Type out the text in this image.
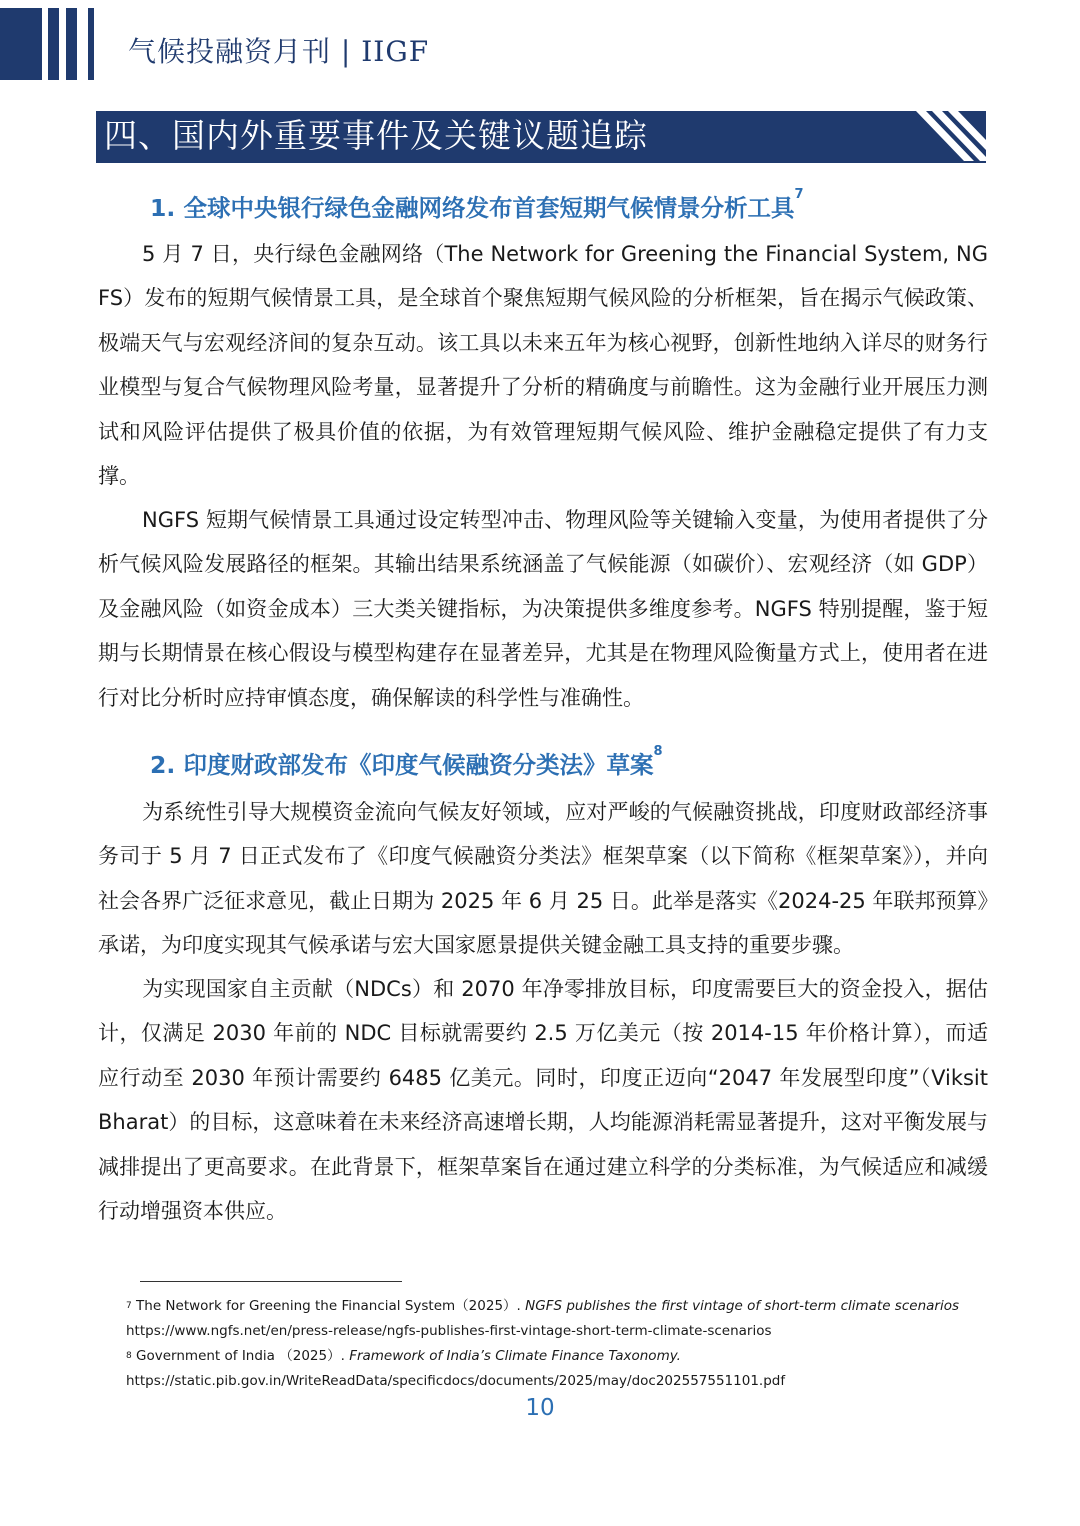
气候投融资月刊 | IIGF
四、国内外重要事件及关键议题追踪
1. 全球中央银行绿色金融网络发布首套短期气候情景分析工具$^7$

5 月 7 日，央行绿色金融网络（The Network for Greening the Financial System, NGFS）发布的短期气候情景工具，是全球首个聚焦短期气候风险的分析框架，旨在揭示气候政策、极端天气与宏观经济间的复杂互动。该工具以未来五年为核心视野，创新性地纳入详尽的财务行业模型与复合气候物理风险考量，显著提升了分析的精确度与前瞻性。这为金融行业开展压力测试和风险评估提供了极具价值的依据，为有效管理短期气候风险、维护金融稳定提供了有力支撑。

NGFS 短期气候情景工具通过设定转型冲击、物理风险等关键输入变量，为使用者提供了分析气候风险发展路径的框架。其输出结果系统涵盖了气候能源（如碳价）、宏观经济（如 GDP）及金融风险（如资金成本）三大类关键指标，为决策提供多维度参考。NGFS 特别提醒，鉴于短期与长期情景在核心假设与模型构建存在显著差异，尤其是在物理风险衡量方式上，使用者在进行对比分析时应持审慎态度，确保解读的科学性与准确性。

2. 印度财政部发布《印度气候融资分类法》草案$^8$

为系统性引导大规模资金流向气候友好领域，应对严峻的气候融资挑战，印度财政部经济事务司于 5 月 7 日正式发布了《印度气候融资分类法》框架草案（以下简称《框架草案》），并向社会各界广泛征求意见，截止日期为 2025 年 6 月 25 日。此举是落实《2024-25 年联邦预算》承诺，为印度实现其气候承诺与宏大国家愿景提供关键金融工具支持的重要步骤。

为实现国家自主贡献（NDCs）和 2070 年净零排放目标，印度需要巨大的资金投入，据估计，仅满足 2030 年前的 NDC 目标就需要约 2.5 万亿美元（按 2014-15 年价格计算），而适应行动至 2030 年预计需要约 6485 亿美元。同时，印度正迈向“2047 年发展型印度”（Viksit Bharat）的目标，这意味着在未来经济高速增长期，人均能源消耗需显著提升，这对平衡发展与减排提出了更高要求。在此背景下，框架草案旨在通过建立科学的分类标准，为气候适应和减缓行动增强资本供应。

$^7$ The Network for Greening the Financial System（2025）. NGFS publishes the first vintage of short-term climate scenarios

https://www.ngfs.net/en/press-release/ngfs-publishes-first-vintage-short-term-climate-scenarios

$^8$ Government of India （2025）. Framework of India’s Climate Finance Taxonomy.

https://static.pib.gov.in/WriteReadData/specificdocs/documents/2025/may/doc202557551101.pdf

10
